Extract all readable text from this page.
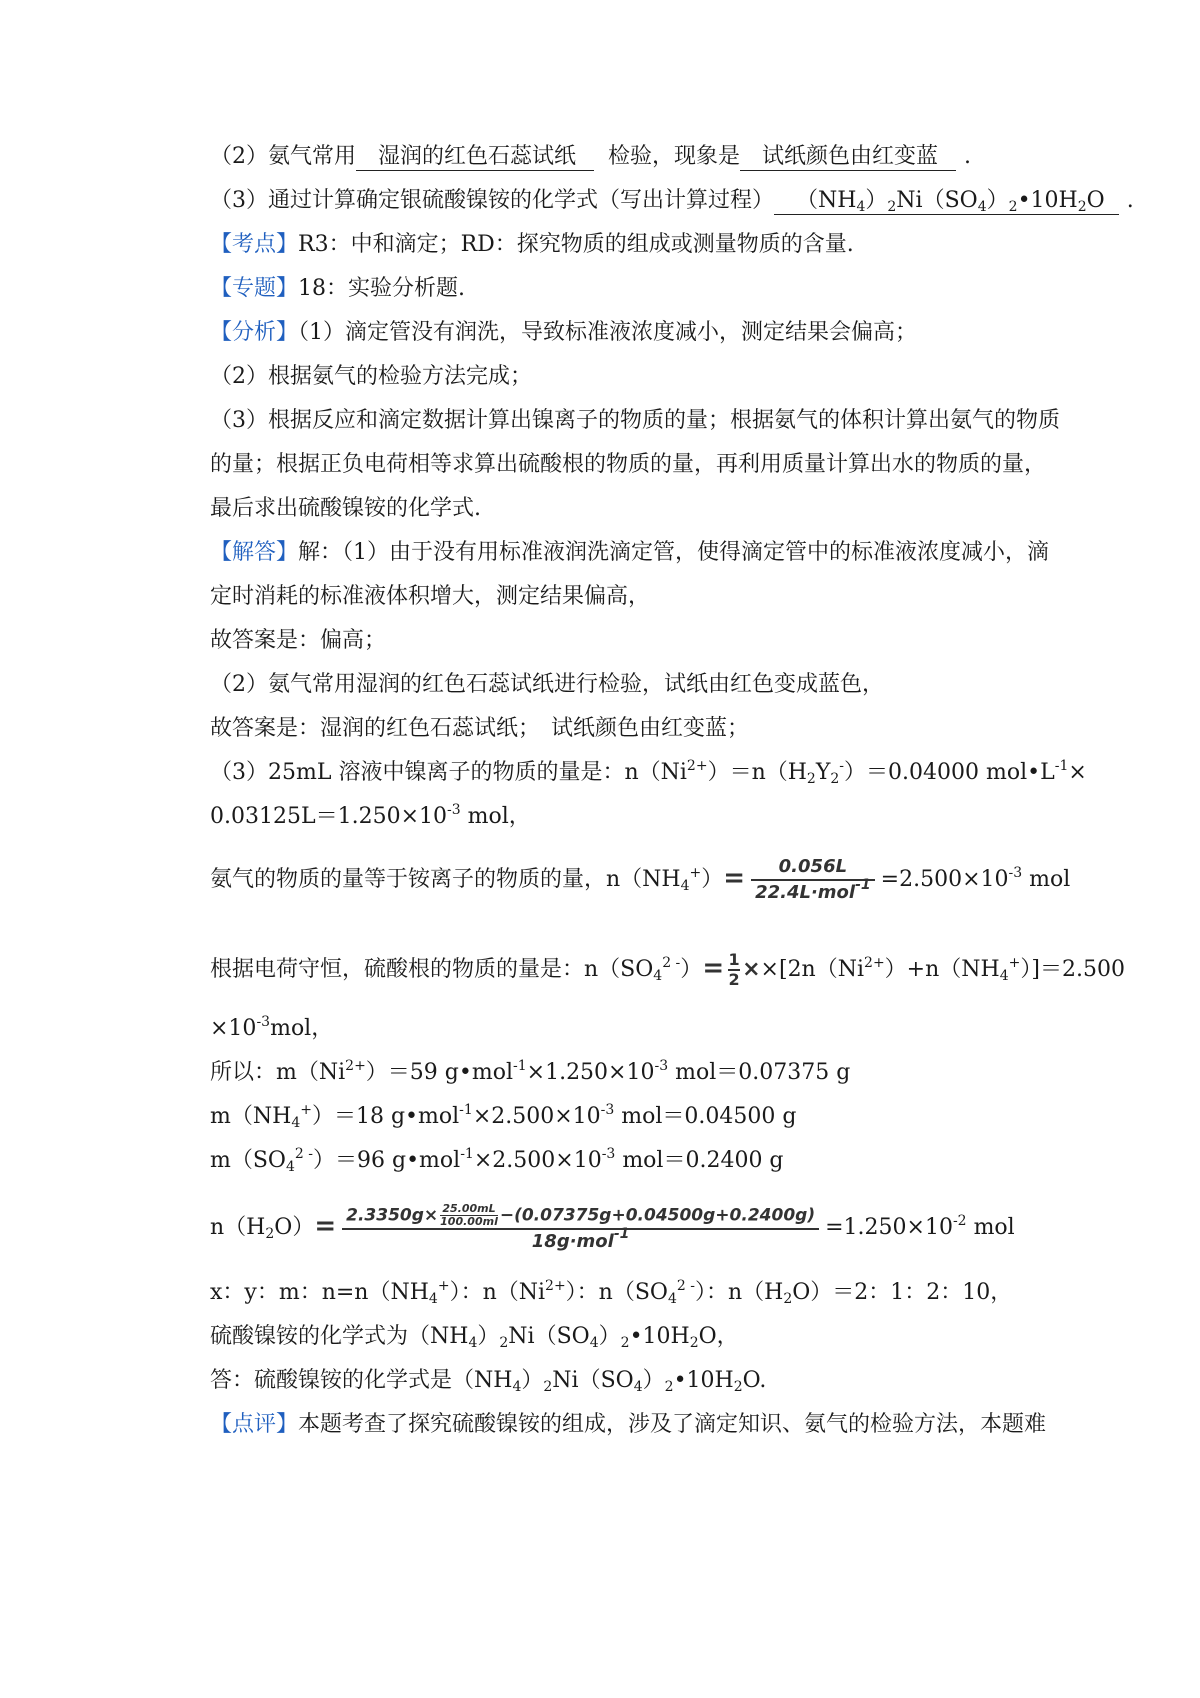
（2）氨气常用 湿润的红色石蕊试纸 检验，现象是 试纸颜色由红变蓝 .
（3）通过计算确定银硫酸镍铵的化学式（写出计算过程） $(NH_4)_2Ni(SO_4)_2•10H_2O$ .
【考点】R3：中和滴定；RD：探究物质的组成或测量物质的含量.
【专题】18：实验分析题.
【分析】（1）滴定管没有润洗，导致标准液浓度减小，测定结果会偏高；
（2）根据氨气的检验方法完成；
（3）根据反应和滴定数据计算出镍离子的物质的量；根据氨气的体积计算出氨气的物质
的量；根据正负电荷相等求算出硫酸根的物质的量，再利用质量计算出水的物质的量，
最后求出硫酸镍铵的化学式.
【解答】解：（1）由于没有用标准液润洗滴定管，使得滴定管中的标准液浓度减小，滴
定时消耗的标准液体积增大，测定结果偏高，
故答案是：偏高；
（2）氨气常用湿润的红色石蕊试纸进行检验，试纸由红色变成蓝色，
故答案是：湿润的红色石蕊试纸；　试纸颜色由红变蓝；
（3）25mL 溶液中镍离子的物质的量是：$n(Ni^{2+})=n(H_2Y_2^-)=0.04000$ $mol•L^{-1}\times$
$0.03125L=1.250\times 10^{-3}$ mol，
氨气的物质的量等于铵离子的物质的量，$n(NH_4^+)= \frac{0.056L}{22.4L\cdot mol^{-1}} =2.500\times 10^{-3}$ mol
根据电荷守恒，硫酸根的物质的量是：$n(SO_4^{2 -})= \frac{1}{2} \times\times[2n(Ni^{2+})+n(NH_4^+)]=2.500$
$\times 10^{-3}mol$，
所以：$m(Ni^{2+})=59$ $g•mol^{-1}\times 1.250\times 10^{-3}$ mol＝0.07375 g
$m(NH_4^+)=18$ $g•mol^{-1}\times 2.500\times 10^{-3}$ mol＝0.04500 g
$m(SO_4^{2 -})=96$ $g•mol^{-1}\times 2.500\times 10^{-3}$ mol＝0.2400 g
$n(H_2O)= \frac{2.3350g\times \frac{25.00mL}{100.00ml} -(0.07375g+0.04500g+0.2400g)}{18g\cdot mol^{-1}} =1.250\times 10^{-2}$ mol
x：y：m：$n=n(NH_4^+)$：$n(Ni^{2+})$：$n(SO_4^{2 -})$：$n(H_2O)=2$：1：2：10，
硫酸镍铵的化学式为$(NH_4)_2Ni(SO_4)_2•10H_2O$，
答：硫酸镍铵的化学式是$(NH_4)_2Ni(SO_4)_2•10H_2O$.
【点评】本题考查了探究硫酸镍铵的组成，涉及了滴定知识、氨气的检验方法，本题难
